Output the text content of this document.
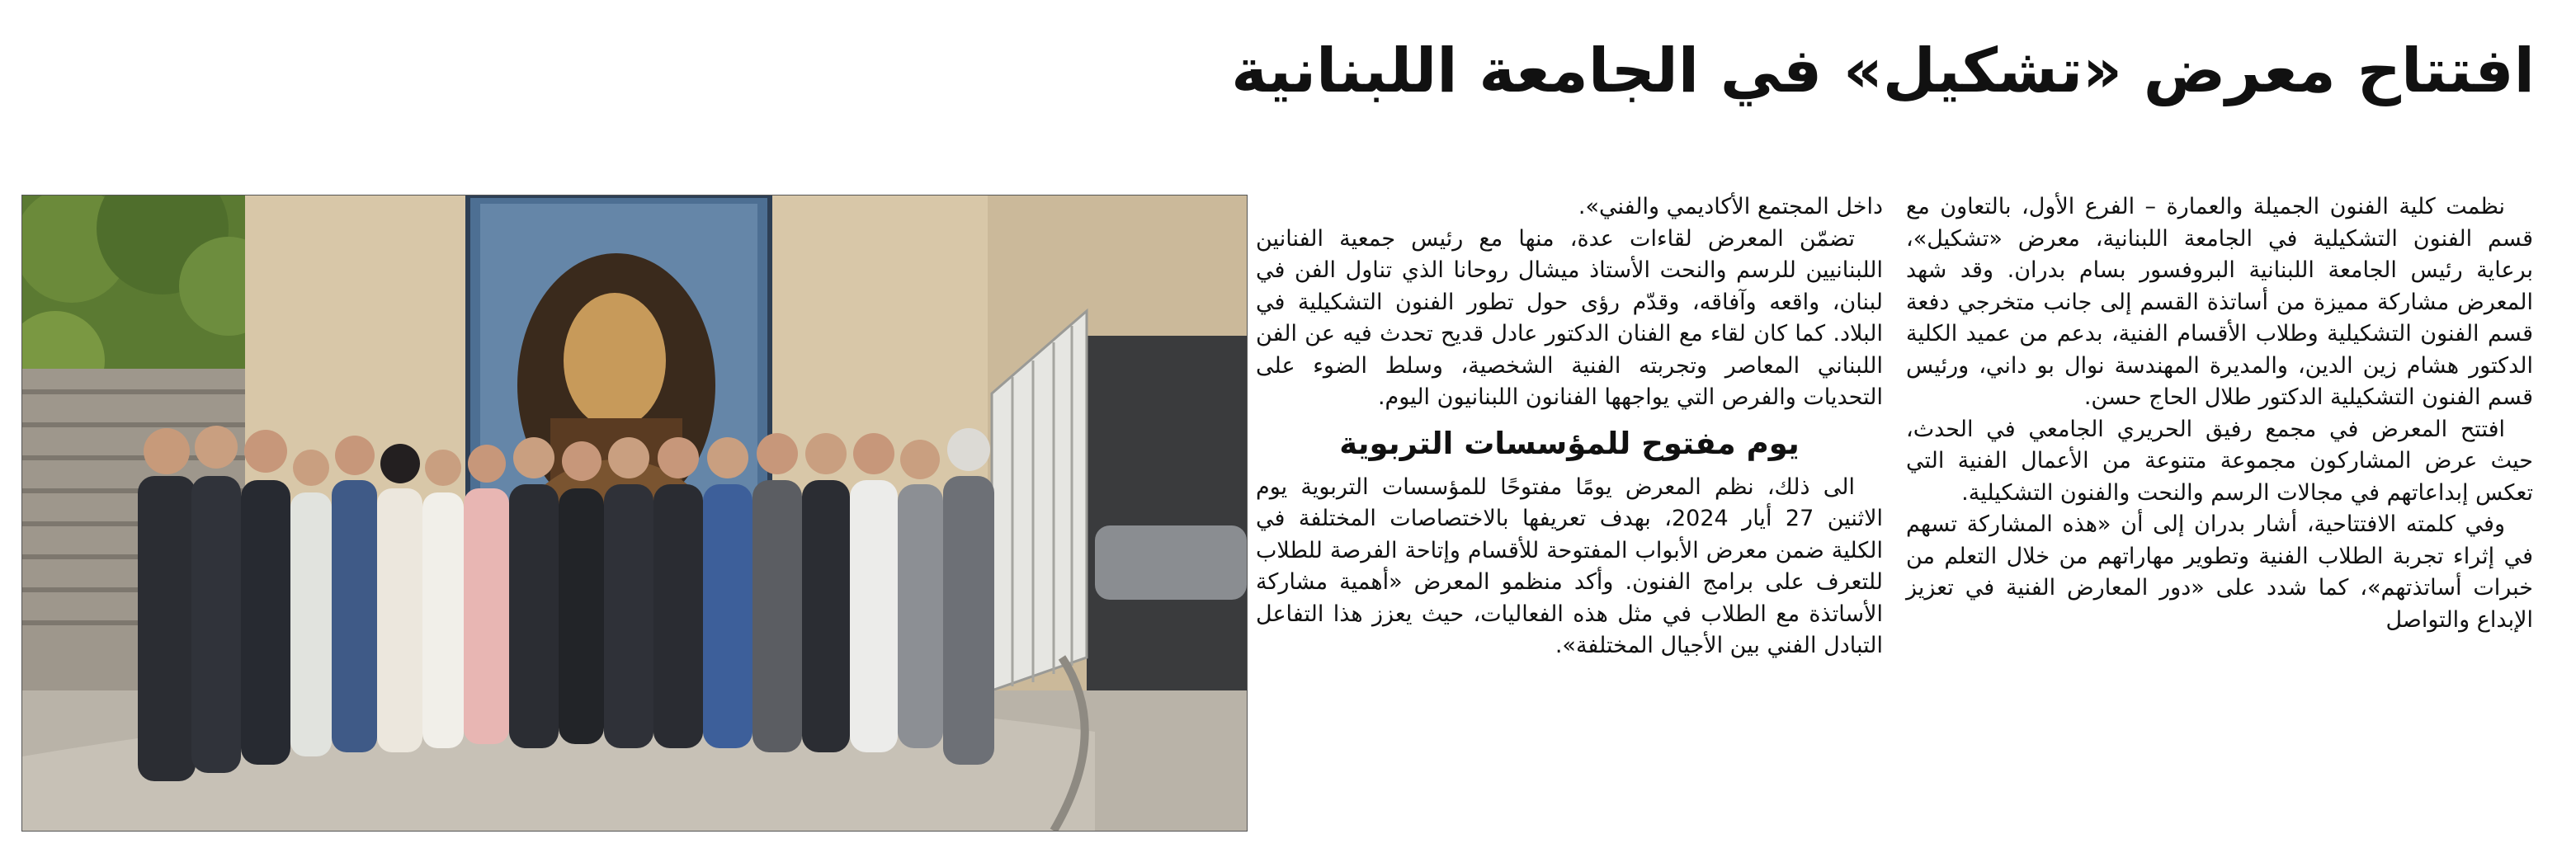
افتتاح معرض «تشكيل» في الجامعة اللبنانية

نظمت كلية الفنون الجميلة والعمارة – الفرع الأول، بالتعاون مع قسم الفنون التشكيلية في الجامعة اللبنانية، معرض «تشكيل»، برعاية رئيس الجامعة اللبنانية البروفسور بسام بدران. وقد شهد المعرض مشاركة مميزة من أساتذة القسم إلى جانب متخرجي دفعة قسم الفنون التشكيلية وطلاب الأقسام الفنية، بدعم من عميد الكلية الدكتور هشام زين الدين، والمديرة المهندسة نوال بو داني، ورئيس قسم الفنون التشكيلية الدكتور طلال الحاج حسن.

افتتح المعرض في مجمع رفيق الحريري الجامعي في الحدث، حيث عرض المشاركون مجموعة متنوعة من الأعمال الفنية التي تعكس إبداعاتهم في مجالات الرسم والنحت والفنون التشكيلية.

وفي كلمته الافتتاحية، أشار بدران إلى أن «هذه المشاركة تسهم في إثراء تجربة الطلاب الفنية وتطوير مهاراتهم من خلال التعلم من خبرات أساتذتهم»، كما شدد على «دور المعارض الفنية في تعزيز الإبداع والتواصل

داخل المجتمع الأكاديمي والفني».

تضمّن المعرض لقاءات عدة، منها مع رئيس جمعية الفنانين اللبنانيين للرسم والنحت الأستاذ ميشال روحانا الذي تناول الفن في لبنان، واقعه وآفاقه، وقدّم رؤى حول تطور الفنون التشكيلية في البلاد. كما كان لقاء مع الفنان الدكتور عادل قديح تحدث فيه عن الفن اللبناني المعاصر وتجربته الفنية الشخصية، وسلط الضوء على التحديات والفرص التي يواجهها الفنانون اللبنانيون اليوم.

يوم مفتوح للمؤسسات التربوية

الى ذلك، نظم المعرض يومًا مفتوحًا للمؤسسات التربوية يوم الاثنين 27 أيار 2024، بهدف تعريفها بالاختصاصات المختلفة في الكلية ضمن معرض الأبواب المفتوحة للأقسام وإتاحة الفرصة للطلاب للتعرف على برامج الفنون. وأكد منظمو المعرض «أهمية مشاركة الأساتذة مع الطلاب في مثل هذه الفعاليات، حيث يعزز هذا التفاعل التبادل الفني بين الأجيال المختلفة».
